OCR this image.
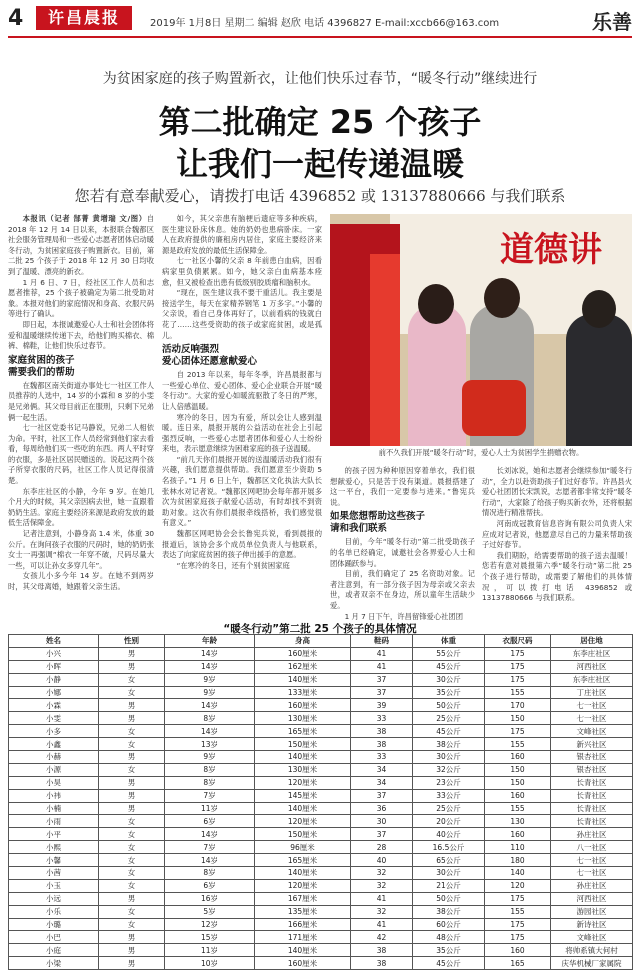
4	许昌晨报	2019年 1月8日 星期二 编辑 赵欣 电话 4396827 E-mail:xccb66@163.com	乐善
为贫困家庭的孩子购置新衣，让他们快乐过春节，“暖冬行动”继续进行
第二批确定 25 个孩子
让我们一起传递温暖
您若有意奉献爱心，请拨打电话 4396852 或 13137880666 与我们联系

本报讯（记者 郜菁 黄增瑞 文/图）自 2018 年 12 月 14 日以来，本报联合魏都区社会服务管理局和一些爱心志愿者团体启动暖冬行动，为贫困家庭孩子购置新衣。目前，第二批 25 个孩子于 2018 年 12 月 30 日均收到了温暖、漂亮的新衣。

1 月 6 日、7 日，经社区工作人员和志愿者推荐，25 个孩子被确定为第二批受助对象。本报对他们的家庭情况和身高、衣服尺码等进行了确认。

即日起，本报诚邀爱心人士和社会团体将爱和温暖继续传递下去，给他们购买棉衣、棉裤、棉鞋，让他们快乐过春节。

家庭贫困的孩子
需要我们的帮助

在魏都区南关街道办事处七一社区工作人员推荐的人选中，14 岁的小霖和 8 岁的小雯是兄弟俩。其父母目前正在服刑，只剩下兄弟俩一起生活。

七一社区党委书记马静说，兄弟二人相依为命。平时，社区工作人员经常到他们家去看看，每周给他们买一些吃的东西。两人平时穿的衣服，多是社区居民赠送的。说起这两个孩子所穿衣服的尺码，社区工作人员记得很清楚。

东李庄社区的小静，今年 9 岁。在她几个月大的时候，其父亲因病去世，她一直跟着奶奶生活。家庭主要经济来源是政府发放的最低生活保障金。

记者注意到，小静身高 1.4 米，体重 30 公斤。在询问孩子衣服的尺码时，她的奶奶张女士一再强调“棉衣一年穿不破，尺码尽量大一些，可以让孙女多穿几年”。

女孩儿小多今年 14 岁。在她不到两岁时，其父母离婚，她跟着父亲生活。

如今，其父亲患有脑梗后遗症等多种疾病，医生建议卧床休息。她的奶奶也患病卧床。一家人在政府提供的廉租房内居住，家庭主要经济来源是政府发放的最低生活保障金。

七一社区小馨的父亲 8 年前患白血病，因看病家里负债累累。如今，她父亲白血病基本痊愈，但又被检查出患有低级别胶质瘤和脑积水。

“现在，医生建议我不要干重活儿。我主要是接送学生，每天在家精养钢笔 1 万多字。”小馨的父亲说，看自己身体再好了，以前看病的钱就白花了……这些受资助的孩子或家庭贫困，或是孤儿。

活动反响强烈
爱心团体还愿意献爱心

自 2013 年以来，每年冬季，许昌晨报都与一些爱心单位、爱心团体、爱心企业联合开展“暖冬行动”。大家的爱心如暖流驱散了冬日的严寒，让人倍感温暖。

寒冷的冬日，因为有爱，所以会让人感到温暖。连日来，晨报开展的公益活动在社会上引起强烈反响，一些爱心志愿者团体和爱心人士纷纷来电，表示愿意继续为困难家庭的孩子送温暖。

“前几天你们晨报开展的送温暖活动我们很有兴趣，我们愿意提供帮助。我们愿意至少资助 5 名孩子。”1 月 6 日上午，魏都区文化执法大队长张林水对记者说。“魏都区网吧协会每年都开展多次为贫困家庭孩子献爱心活动，有时却找不到资助对象。这次有你们晨报牵线搭桥，我们感觉很有意义。”

魏都区网吧协会会长鲁宪兵说，看到晨报的报道后，该协会多个成员单位负责人与他联系，表达了向家庭贫困的孩子伸出援手的意愿。

“在寒冷的冬日，还有个别贫困家庭

道德讲
前不久我们开展“暖冬行动”时，爱心人士为贫困学生捐赠衣物。

的孩子因为种种原因穿着单衣，我们很想献爱心，只是苦于没有渠道。晨报搭建了这一平台，我们一定要参与进来。”鲁宪兵说。

如果您想帮助这些孩子
请和我们联系

目前，今年“暖冬行动”第二批受助孩子的名单已经确定，诚邀社会各界爱心人士和团体踊跃参与。

目前，我们确定了 25 名资助对象。记者注意到，有一部分孩子因为母亲或父亲去世，或者双亲不在身边，所以童年生活缺少爱。

1 月 7 日下午，许昌留锋爱心社团团

长刘冰说，她和志愿者会继续参加“暖冬行动”，全力以赴资助孩子们过好春节。许昌县火爱心社团团长宋凯说，志愿者都非常支持“暖冬行动”，大家除了给孩子购买新衣外，还将根据情况进行精准帮扶。

河南成冠教育信息咨询有限公司负责人宋应成对记者说，他愿意尽自己的力量来帮助孩子过好春节。

我们期盼，给需要帮助的孩子送去温暖！您若有意对晨报第六季“暖冬行动”第二批 25 个孩子进行帮助，或需要了解他们的具体情况，可以拨打电话 4396852 或 13137880666 与我们联系。

“暖冬行动”第二批 25 个孩子的具体情况
姓名	性别	年龄	身高	鞋码	体重	衣服尺码	居住地
小兴	男	14岁	160厘米	41	55公斤	175	东李庄社区
小晖	男	14岁	162厘米	41	45公斤	175	河西社区
小静	女	9岁	140厘米	37	30公斤	175	东李庄社区
小娜	女	9岁	133厘米	37	35公斤	155	丁庄社区
小霖	男	14岁	160厘米	39	50公斤	170	七一社区
小雯	男	8岁	130厘米	33	25公斤	150	七一社区
小多	女	14岁	165厘米	38	45公斤	175	文峰社区
小鑫	女	13岁	150厘米	38	38公斤	155	新兴社区
小赫	男	9岁	140厘米	33	30公斤	160	银杏社区
小源	女	8岁	130厘米	34	32公斤	150	银杏社区
小昊	男	8岁	120厘米	34	23公斤	150	长青社区
小祎	男	7岁	145厘米	37	33公斤	160	长青社区
小楠	男	11岁	140厘米	36	25公斤	155	长青社区
小雨	女	6岁	120厘米	30	20公斤	130	长青社区
小平	女	14岁	150厘米	37	40公斤	160	孙庄社区
小熙	女	7岁	96厘米	28	16.5公斤	110	八一社区
小馨	女	14岁	165厘米	40	65公斤	180	七一社区
小茜	女	8岁	140厘米	32	30公斤	140	七一社区
小玉	女	6岁	120厘米	32	21公斤	120	孙庄社区
小远	男	16岁	167厘米	41	50公斤	175	河西社区
小乐	女	5岁	135厘米	32	38公斤	155	游园社区
小璐	女	12岁	166厘米	41	60公斤	175	新诗社区
小巴	男	15岁	171厘米	42	48公斤	175	文峰社区
小庭	男	11岁	140厘米	38	35公斤	160	将帅系镇大何村
小梁	男	10岁	160厘米	38	45公斤	165	庆华机械厂家属院
